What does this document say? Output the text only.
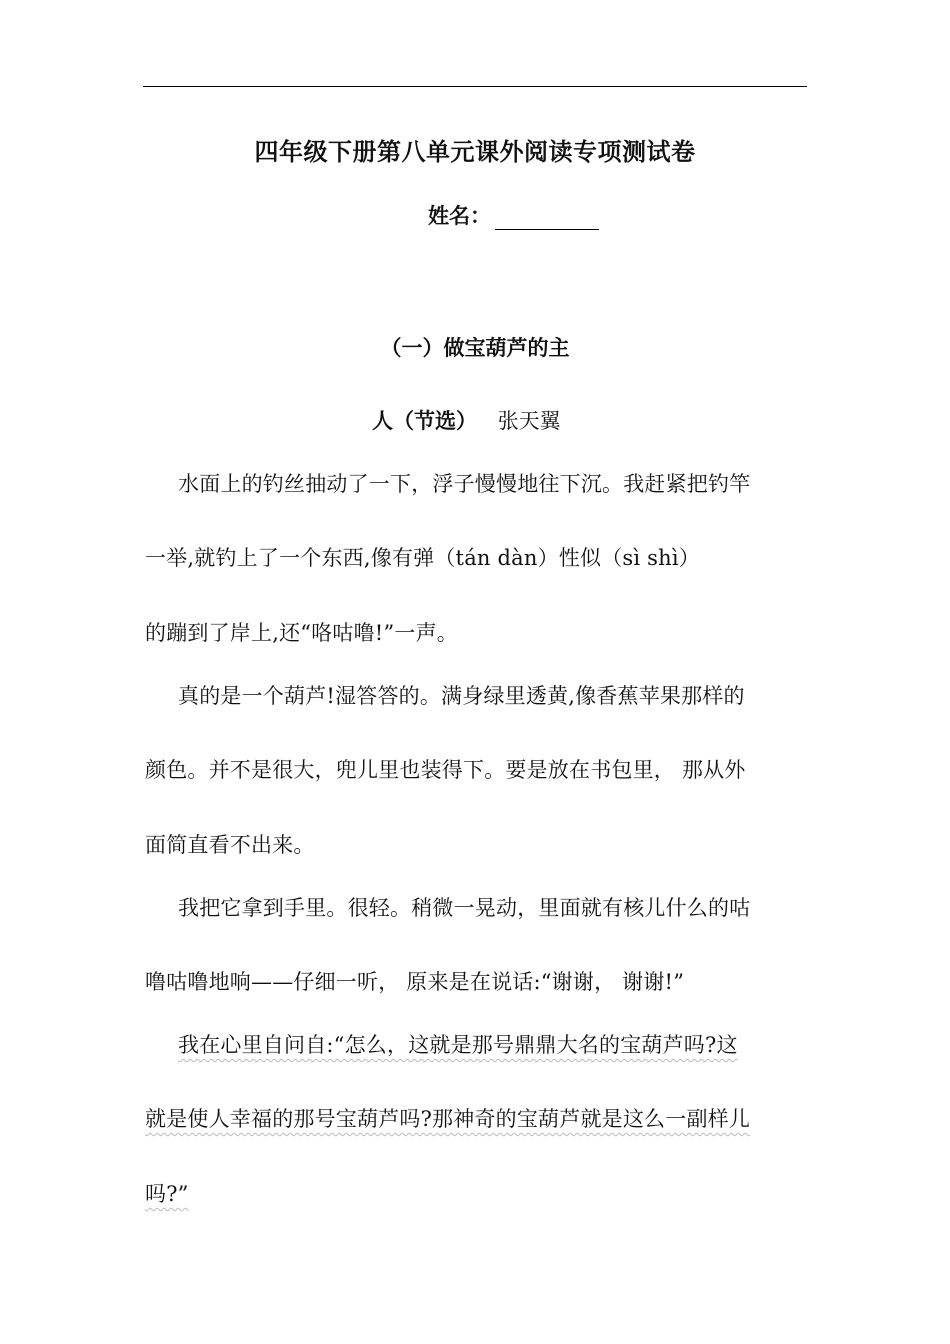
四年级下册第八单元课外阅读专项测试卷
姓名：
（一）做宝葫芦的主
人（节选） 张天翼
水面上的钓丝抽动了一下，浮子慢慢地往下沉。我赶紧把钓竿
一举,就钓上了一个东西,像有弹（tán dàn）性似（sì shì）
的蹦到了岸上,还“咯咕噜!”一声。
真的是一个葫芦!湿答答的。满身绿里透黄,像香蕉苹果那样的
颜色。并不是很大，兜儿里也装得下。要是放在书包里， 那从外
面简直看不出来。
我把它拿到手里。很轻。稍微一晃动，里面就有核儿什么的咕
噜咕噜地响——仔细一听， 原来是在说话:“谢谢， 谢谢!”
我在心里自问自:“怎么，这就是那号鼎鼎大名的宝葫芦吗?这
就是使人幸福的那号宝葫芦吗?那神奇的宝葫芦就是这么一副样儿
吗?”
